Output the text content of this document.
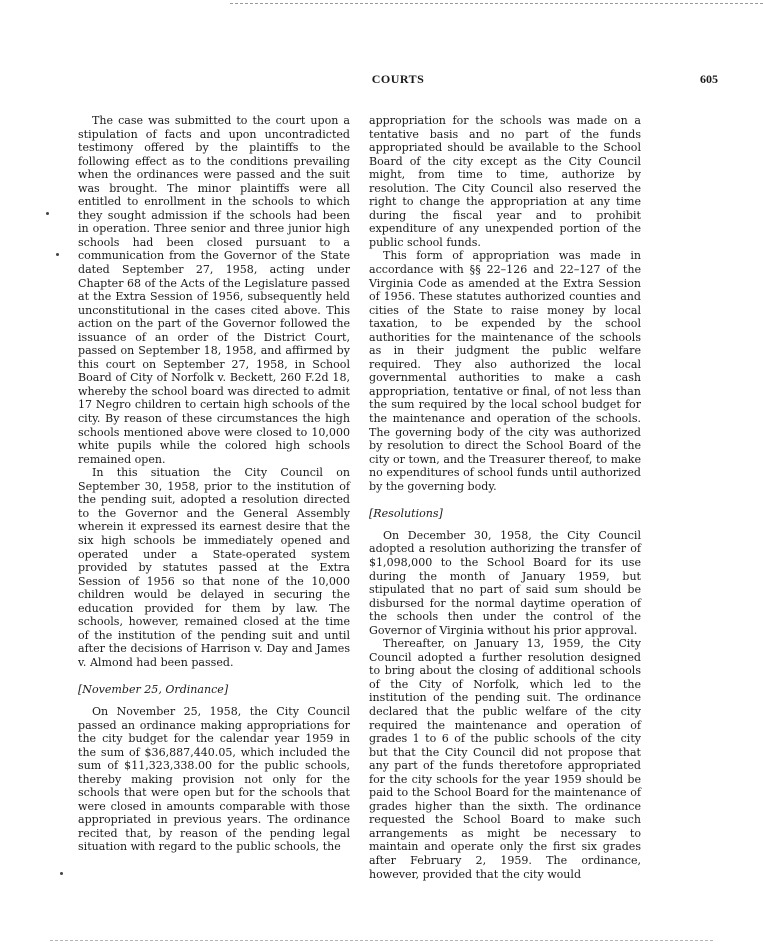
COURTS	605

The case was submitted to the court upon a stipulation of facts and upon uncontradicted testimony offered by the plaintiffs to the following effect as to the conditions prevailing when the ordinances were passed and the suit was brought. The minor plaintiffs were all entitled to enrollment in the schools to which they sought admission if the schools had been in operation. Three senior and three junior high schools had been closed pursuant to a communication from the Governor of the State dated September 27, 1958, acting under Chapter 68 of the Acts of the Legislature passed at the Extra Session of 1956, subsequently held unconstitutional in the cases cited above. This action on the part of the Governor followed the issuance of an order of the District Court, passed on September 18, 1958, and affirmed by this court on September 27, 1958, in School Board of City of Norfolk v. Beckett, 260 F.2d 18, whereby the school board was directed to admit 17 Negro children to certain high schools of the city. By reason of these circumstances the high schools mentioned above were closed to 10,000 white pupils while the colored high schools remained open.

In this situation the City Council on September 30, 1958, prior to the institution of the pending suit, adopted a resolution directed to the Governor and the General Assembly wherein it expressed its earnest desire that the six high schools be immediately opened and operated under a State-operated system provided by statutes passed at the Extra Session of 1956 so that none of the 10,000 children would be delayed in securing the education provided for them by law. The schools, however, remained closed at the time of the institution of the pending suit and until after the decisions of Harrison v. Day and James v. Almond had been passed.

[November 25, Ordinance]

On November 25, 1958, the City Council passed an ordinance making appropriations for the city budget for the calendar year 1959 in the sum of $36,887,440.05, which included the sum of $11,323,338.00 for the public schools, thereby making provision not only for the schools that were open but for the schools that were closed in amounts comparable with those appropriated in previous years. The ordinance recited that, by reason of the pending legal situation with regard to the public schools, the

appropriation for the schools was made on a tentative basis and no part of the funds appropriated should be available to the School Board of the city except as the City Council might, from time to time, authorize by resolution. The City Council also reserved the right to change the appropriation at any time during the fiscal year and to prohibit expenditure of any unexpended portion of the public school funds.

This form of appropriation was made in accordance with §§ 22–126 and 22–127 of the Virginia Code as amended at the Extra Session of 1956. These statutes authorized counties and cities of the State to raise money by local taxation, to be expended by the school authorities for the maintenance of the schools as in their judgment the public welfare required. They also authorized the local governmental authorities to make a cash appropriation, tentative or final, of not less than the sum required by the local school budget for the maintenance and operation of the schools. The governing body of the city was authorized by resolution to direct the School Board of the city or town, and the Treasurer thereof, to make no expenditures of school funds until authorized by the governing body.

[Resolutions]

On December 30, 1958, the City Council adopted a resolution authorizing the transfer of $1,098,000 to the School Board for its use during the month of January 1959, but stipulated that no part of said sum should be disbursed for the normal daytime operation of the schools then under the control of the Governor of Virginia without his prior approval.

Thereafter, on January 13, 1959, the City Council adopted a further resolution designed to bring about the closing of additional schools of the City of Norfolk, which led to the institution of the pending suit. The ordinance declared that the public welfare of the city required the maintenance and operation of grades 1 to 6 of the public schools of the city but that the City Council did not propose that any part of the funds theretofore appropriated for the city schools for the year 1959 should be paid to the School Board for the maintenance of grades higher than the sixth. The ordinance requested the School Board to make such arrangements as might be necessary to maintain and operate only the first six grades after February 2, 1959. The ordinance, however, provided that the city would
